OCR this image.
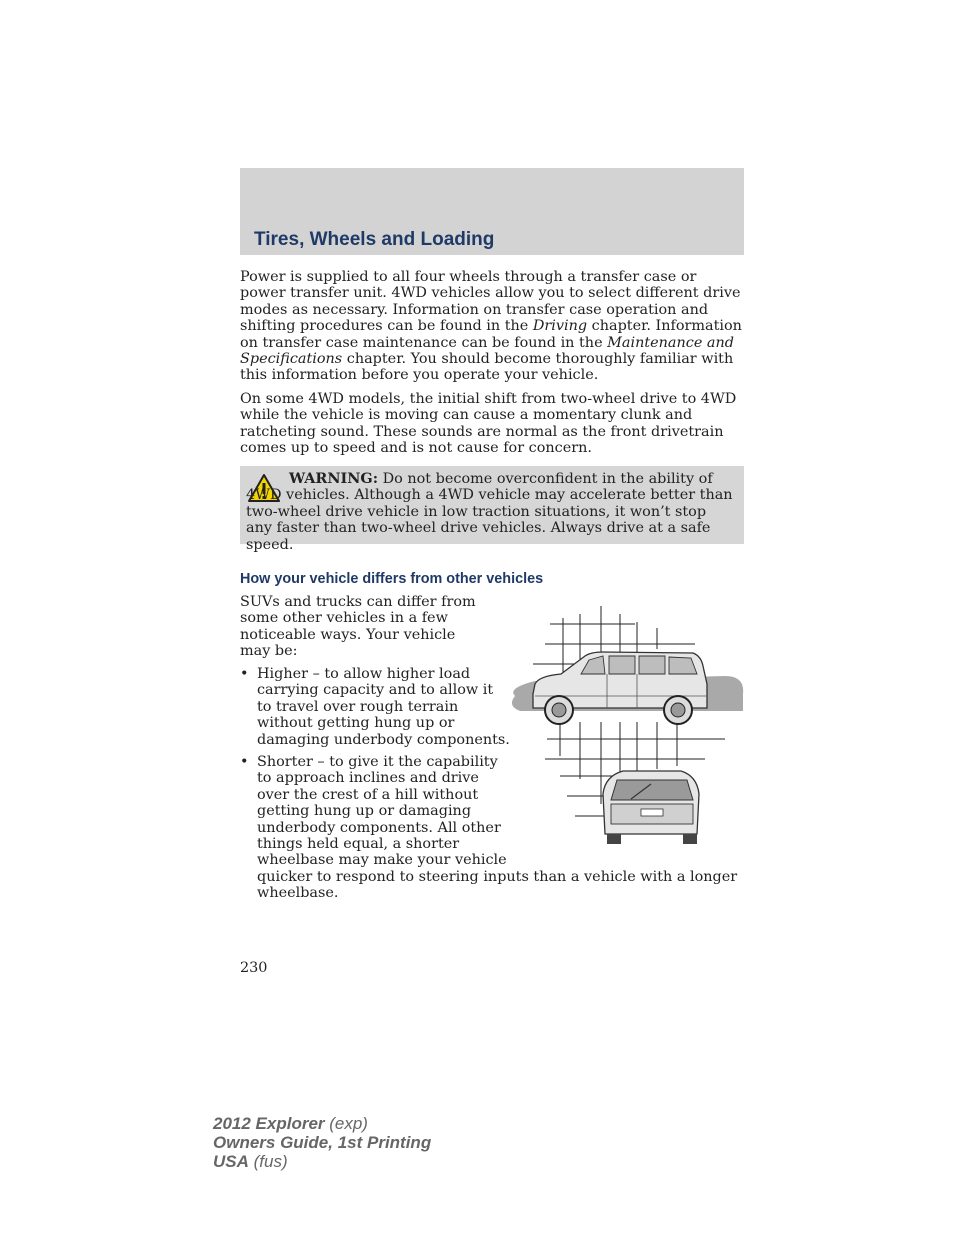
Tires, Wheels and Loading

Power is supplied to all four wheels through a transfer case or power transfer unit. 4WD vehicles allow you to select different drive modes as necessary. Information on transfer case operation and shifting procedures can be found in the Driving chapter. Information on transfer case maintenance can be found in the Maintenance and Specifications chapter. You should become thoroughly familiar with this information before you operate your vehicle.

On some 4WD models, the initial shift from two-wheel drive to 4WD while the vehicle is moving can cause a momentary clunk and ratcheting sound. These sounds are normal as the front drivetrain comes up to speed and is not cause for concern.

WARNING: Do not become overconfident in the ability of 4WD vehicles. Although a 4WD vehicle may accelerate better than two-wheel drive vehicle in low traction situations, it won’t stop any faster than two-wheel drive vehicles. Always drive at a safe speed.

How your vehicle differs from other vehicles

SUVs and trucks can differ from some other vehicles in a few noticeable ways. Your vehicle may be:

• Higher – to allow higher load
carrying capacity and to allow it
to travel over rough terrain
without getting hung up or
damaging underbody components.
• Shorter – to give it the capability
to approach inclines and drive
over the crest of a hill without
getting hung up or damaging
underbody components. All other
things held equal, a shorter
wheelbase may make your vehicle
quicker to respond to steering inputs than a vehicle with a longer
wheelbase.
230
2012 Explorer (exp)
Owners Guide, 1st Printing
USA (fus)
